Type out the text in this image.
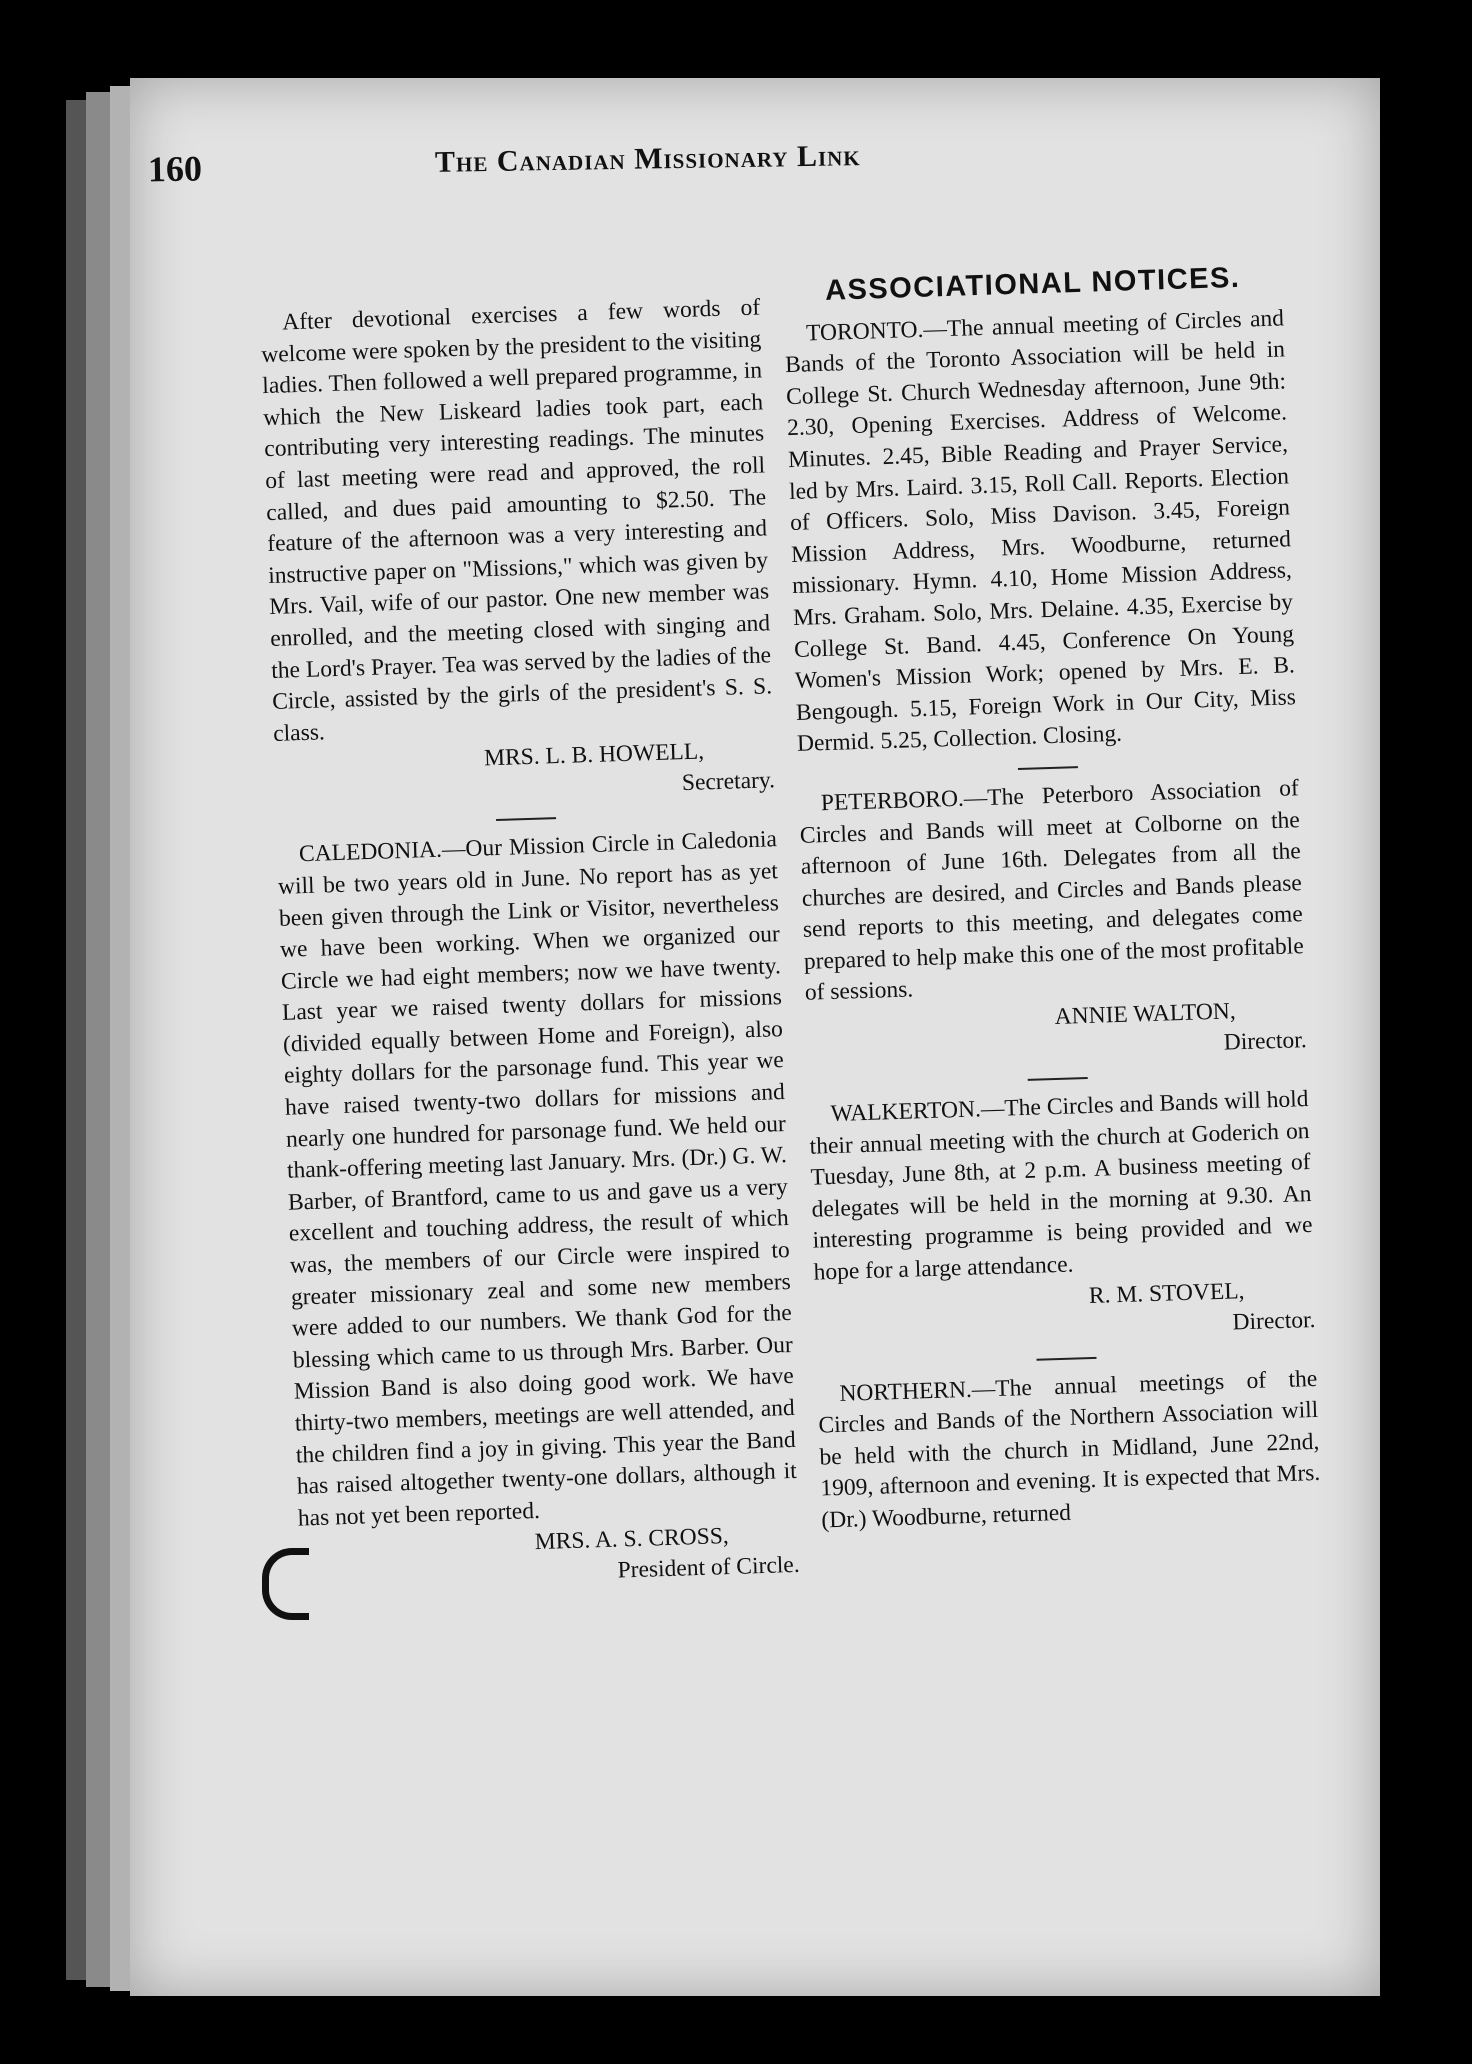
160	The Canadian Missionary Link

After devotional exercises a few words of welcome were spoken by the president to the visiting ladies. Then followed a well prepared programme, in which the New Liskeard ladies took part, each contributing very interesting readings. The minutes of last meeting were read and approved, the roll called, and dues paid amounting to $2.50. The feature of the afternoon was a very interesting and instructive paper on "Missions," which was given by Mrs. Vail, wife of our pastor. One new member was enrolled, and the meeting closed with singing and the Lord's Prayer. Tea was served by the ladies of the Circle, assisted by the girls of the president's S. S. class.

MRS. L. B. HOWELL,
Secretary.

CALEDONIA.—Our Mission Circle in Caledonia will be two years old in June. No report has as yet been given through the Link or Visitor, nevertheless we have been working. When we organized our Circle we had eight members; now we have twenty. Last year we raised twenty dollars for missions (divided equally between Home and Foreign), also eighty dollars for the parsonage fund. This year we have raised twenty-two dollars for missions and nearly one hundred for parsonage fund. We held our thank-offering meeting last January. Mrs. (Dr.) G. W. Barber, of Brantford, came to us and gave us a very excellent and touching address, the result of which was, the members of our Circle were inspired to greater missionary zeal and some new members were added to our numbers. We thank God for the blessing which came to us through Mrs. Barber. Our Mission Band is also doing good work. We have thirty-two members, meetings are well attended, and the children find a joy in giving. This year the Band has raised altogether twenty-one dollars, although it has not yet been reported.

MRS. A. S. CROSS,
President of Circle.
ASSOCIATIONAL NOTICES.

TORONTO.—The annual meeting of Circles and Bands of the Toronto Association will be held in College St. Church Wednesday afternoon, June 9th: 2.30, Opening Exercises. Address of Welcome. Minutes. 2.45, Bible Reading and Prayer Service, led by Mrs. Laird. 3.15, Roll Call. Reports. Election of Officers. Solo, Miss Davison. 3.45, Foreign Mission Address, Mrs. Woodburne, returned missionary. Hymn. 4.10, Home Mission Address, Mrs. Graham. Solo, Mrs. Delaine. 4.35, Exercise by College St. Band. 4.45, Conference On Young Women's Mission Work; opened by Mrs. E. B. Bengough. 5.15, Foreign Work in Our City, Miss Dermid. 5.25, Collection. Closing.

PETERBORO.—The Peterboro Association of Circles and Bands will meet at Colborne on the afternoon of June 16th. Delegates from all the churches are desired, and Circles and Bands please send reports to this meeting, and delegates come prepared to help make this one of the most profitable of sessions.

ANNIE WALTON,
Director.

WALKERTON.—The Circles and Bands will hold their annual meeting with the church at Goderich on Tuesday, June 8th, at 2 p.m. A business meeting of delegates will be held in the morning at 9.30. An interesting programme is being provided and we hope for a large attendance.

R. M. STOVEL,
Director.

NORTHERN.—The annual meetings of the Circles and Bands of the Northern Association will be held with the church in Midland, June 22nd, 1909, afternoon and evening. It is expected that Mrs. (Dr.) Woodburne, returned
